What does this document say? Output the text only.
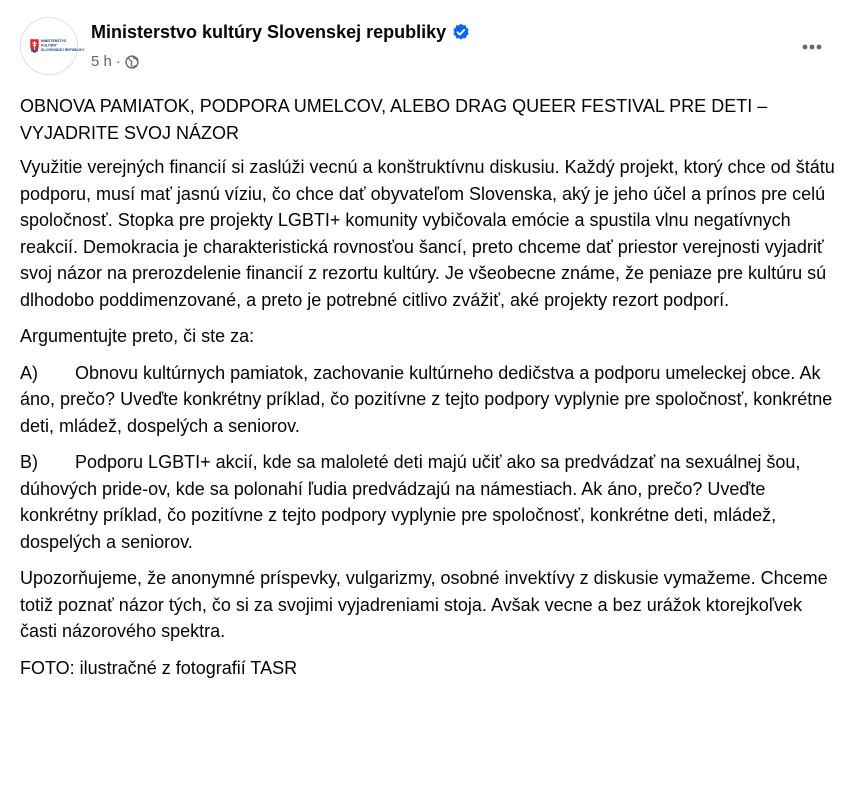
MINISTERSTVO
KULTÚRY
SLOVENSKEJ REPUBLIKY
Ministerstvo kultúry Slovenskej republiky
5 h ·

OBNOVA PAMIATOK, PODPORA UMELCOV, ALEBO DRAG QUEER FESTIVAL PRE DETI – VYJADRITE SVOJ NÁZOR

Využitie verejných financií si zaslúži vecnú a konštruktívnu diskusiu. Každý projekt, ktorý chce od štátu podporu, musí mať jasnú víziu, čo chce dať obyvateľom Slovenska, aký je jeho účel a prínos pre celú spoločnosť. Stopka pre projekty LGBTI+ komunity vybičovala emócie a spustila vlnu negatívnych reakcií. Demokracia je charakteristická rovnosťou šancí, preto chceme dať priestor verejnosti vyjadriť svoj názor na prerozdelenie financií z rezortu kultúry. Je všeobecne známe, že peniaze pre kultúru sú dlhodobo poddimenzované, a preto je potrebné citlivo zvážiť, aké projekty rezort podporí.

Argumentujte preto, či ste za:

A) Obnovu kultúrnych pamiatok, zachovanie kultúrneho dedičstva a podporu umeleckej obce. Ak áno, prečo? Uveďte konkrétny príklad, čo pozitívne z tejto podpory vyplynie pre spoločnosť, konkrétne deti, mládež, dospelých a seniorov.

B) Podporu LGBTI+ akcií, kde sa maloleté deti majú učiť ako sa predvádzať na sexuálnej šou, dúhových pride-ov, kde sa polonahí ľudia predvádzajú na námestiach. Ak áno, prečo? Uveďte konkrétny príklad, čo pozitívne z tejto podpory vyplynie pre spoločnosť, konkrétne deti, mládež, dospelých a seniorov.

Upozorňujeme, že anonymné príspevky, vulgarizmy, osobné invektívy z diskusie vymažeme. Chceme totiž poznať názor tých, čo si za svojimi vyjadreniami stoja. Avšak vecne a bez urážok ktorejkoľvek časti názorového spektra.

FOTO: ilustračné z fotografií TASR
